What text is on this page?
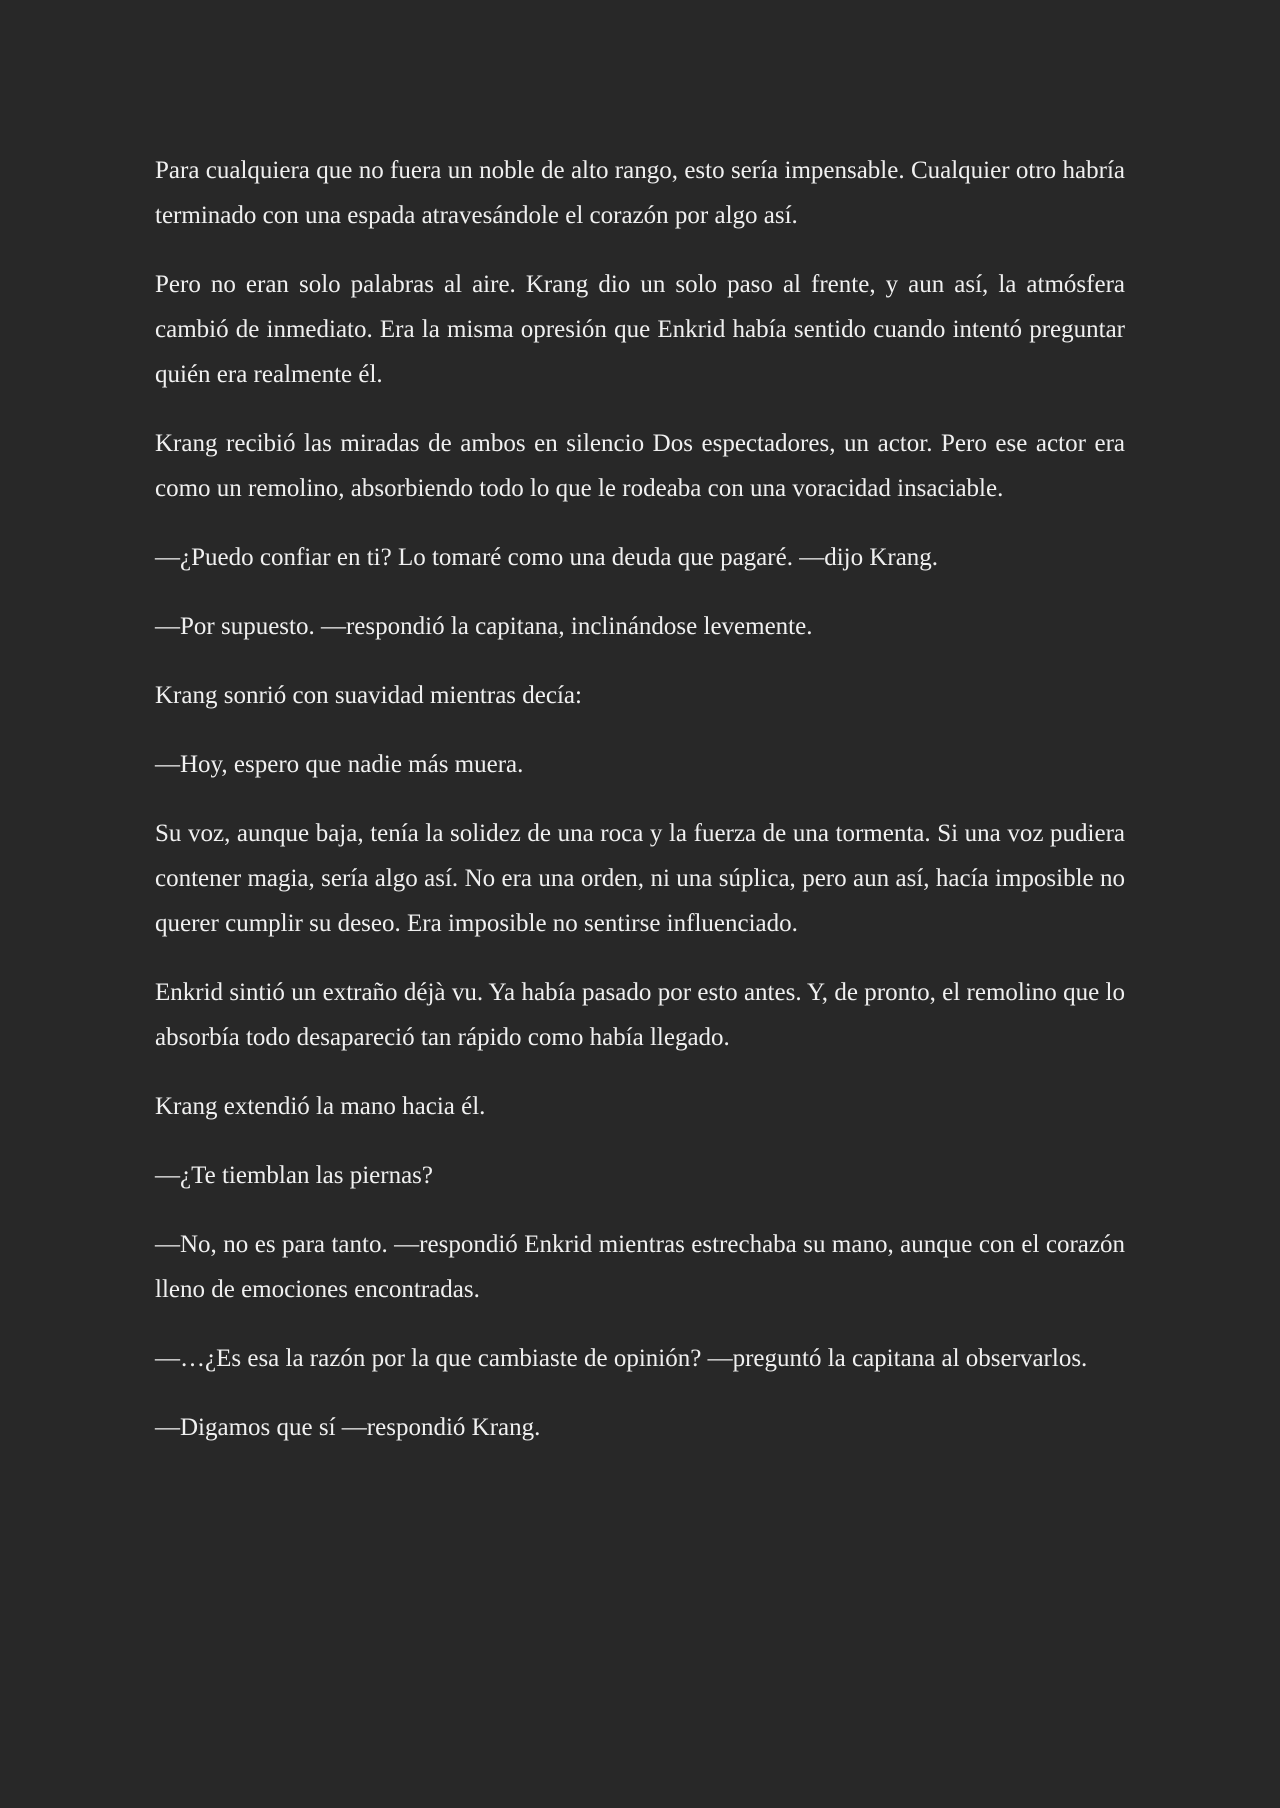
Para cualquiera que no fuera un noble de alto rango, esto sería impensable. Cualquier otro habría terminado con una espada atravesándole el corazón por algo así.

Pero no eran solo palabras al aire. Krang dio un solo paso al frente, y aun así, la atmósfera cambió de inmediato. Era la misma opresión que Enkrid había sentido cuando intentó preguntar quién era realmente él.

Krang recibió las miradas de ambos en silencio Dos espectadores, un actor. Pero ese actor era como un remolino, absorbiendo todo lo que le rodeaba con una voracidad insaciable.

—¿Puedo confiar en ti? Lo tomaré como una deuda que pagaré. —dijo Krang.

—Por supuesto. —respondió la capitana, inclinándose levemente.

Krang sonrió con suavidad mientras decía:

—Hoy, espero que nadie más muera.

Su voz, aunque baja, tenía la solidez de una roca y la fuerza de una tormenta. Si una voz pudiera contener magia, sería algo así. No era una orden, ni una súplica, pero aun así, hacía imposible no querer cumplir su deseo. Era imposible no sentirse influenciado.

Enkrid sintió un extraño déjà vu. Ya había pasado por esto antes. Y, de pronto, el remolino que lo absorbía todo desapareció tan rápido como había llegado.

Krang extendió la mano hacia él.

—¿Te tiemblan las piernas?

—No, no es para tanto. —respondió Enkrid mientras estrechaba su mano, aunque con el corazón lleno de emociones encontradas.

—…¿Es esa la razón por la que cambiaste de opinión? —preguntó la capitana al observarlos.

—Digamos que sí —respondió Krang.
